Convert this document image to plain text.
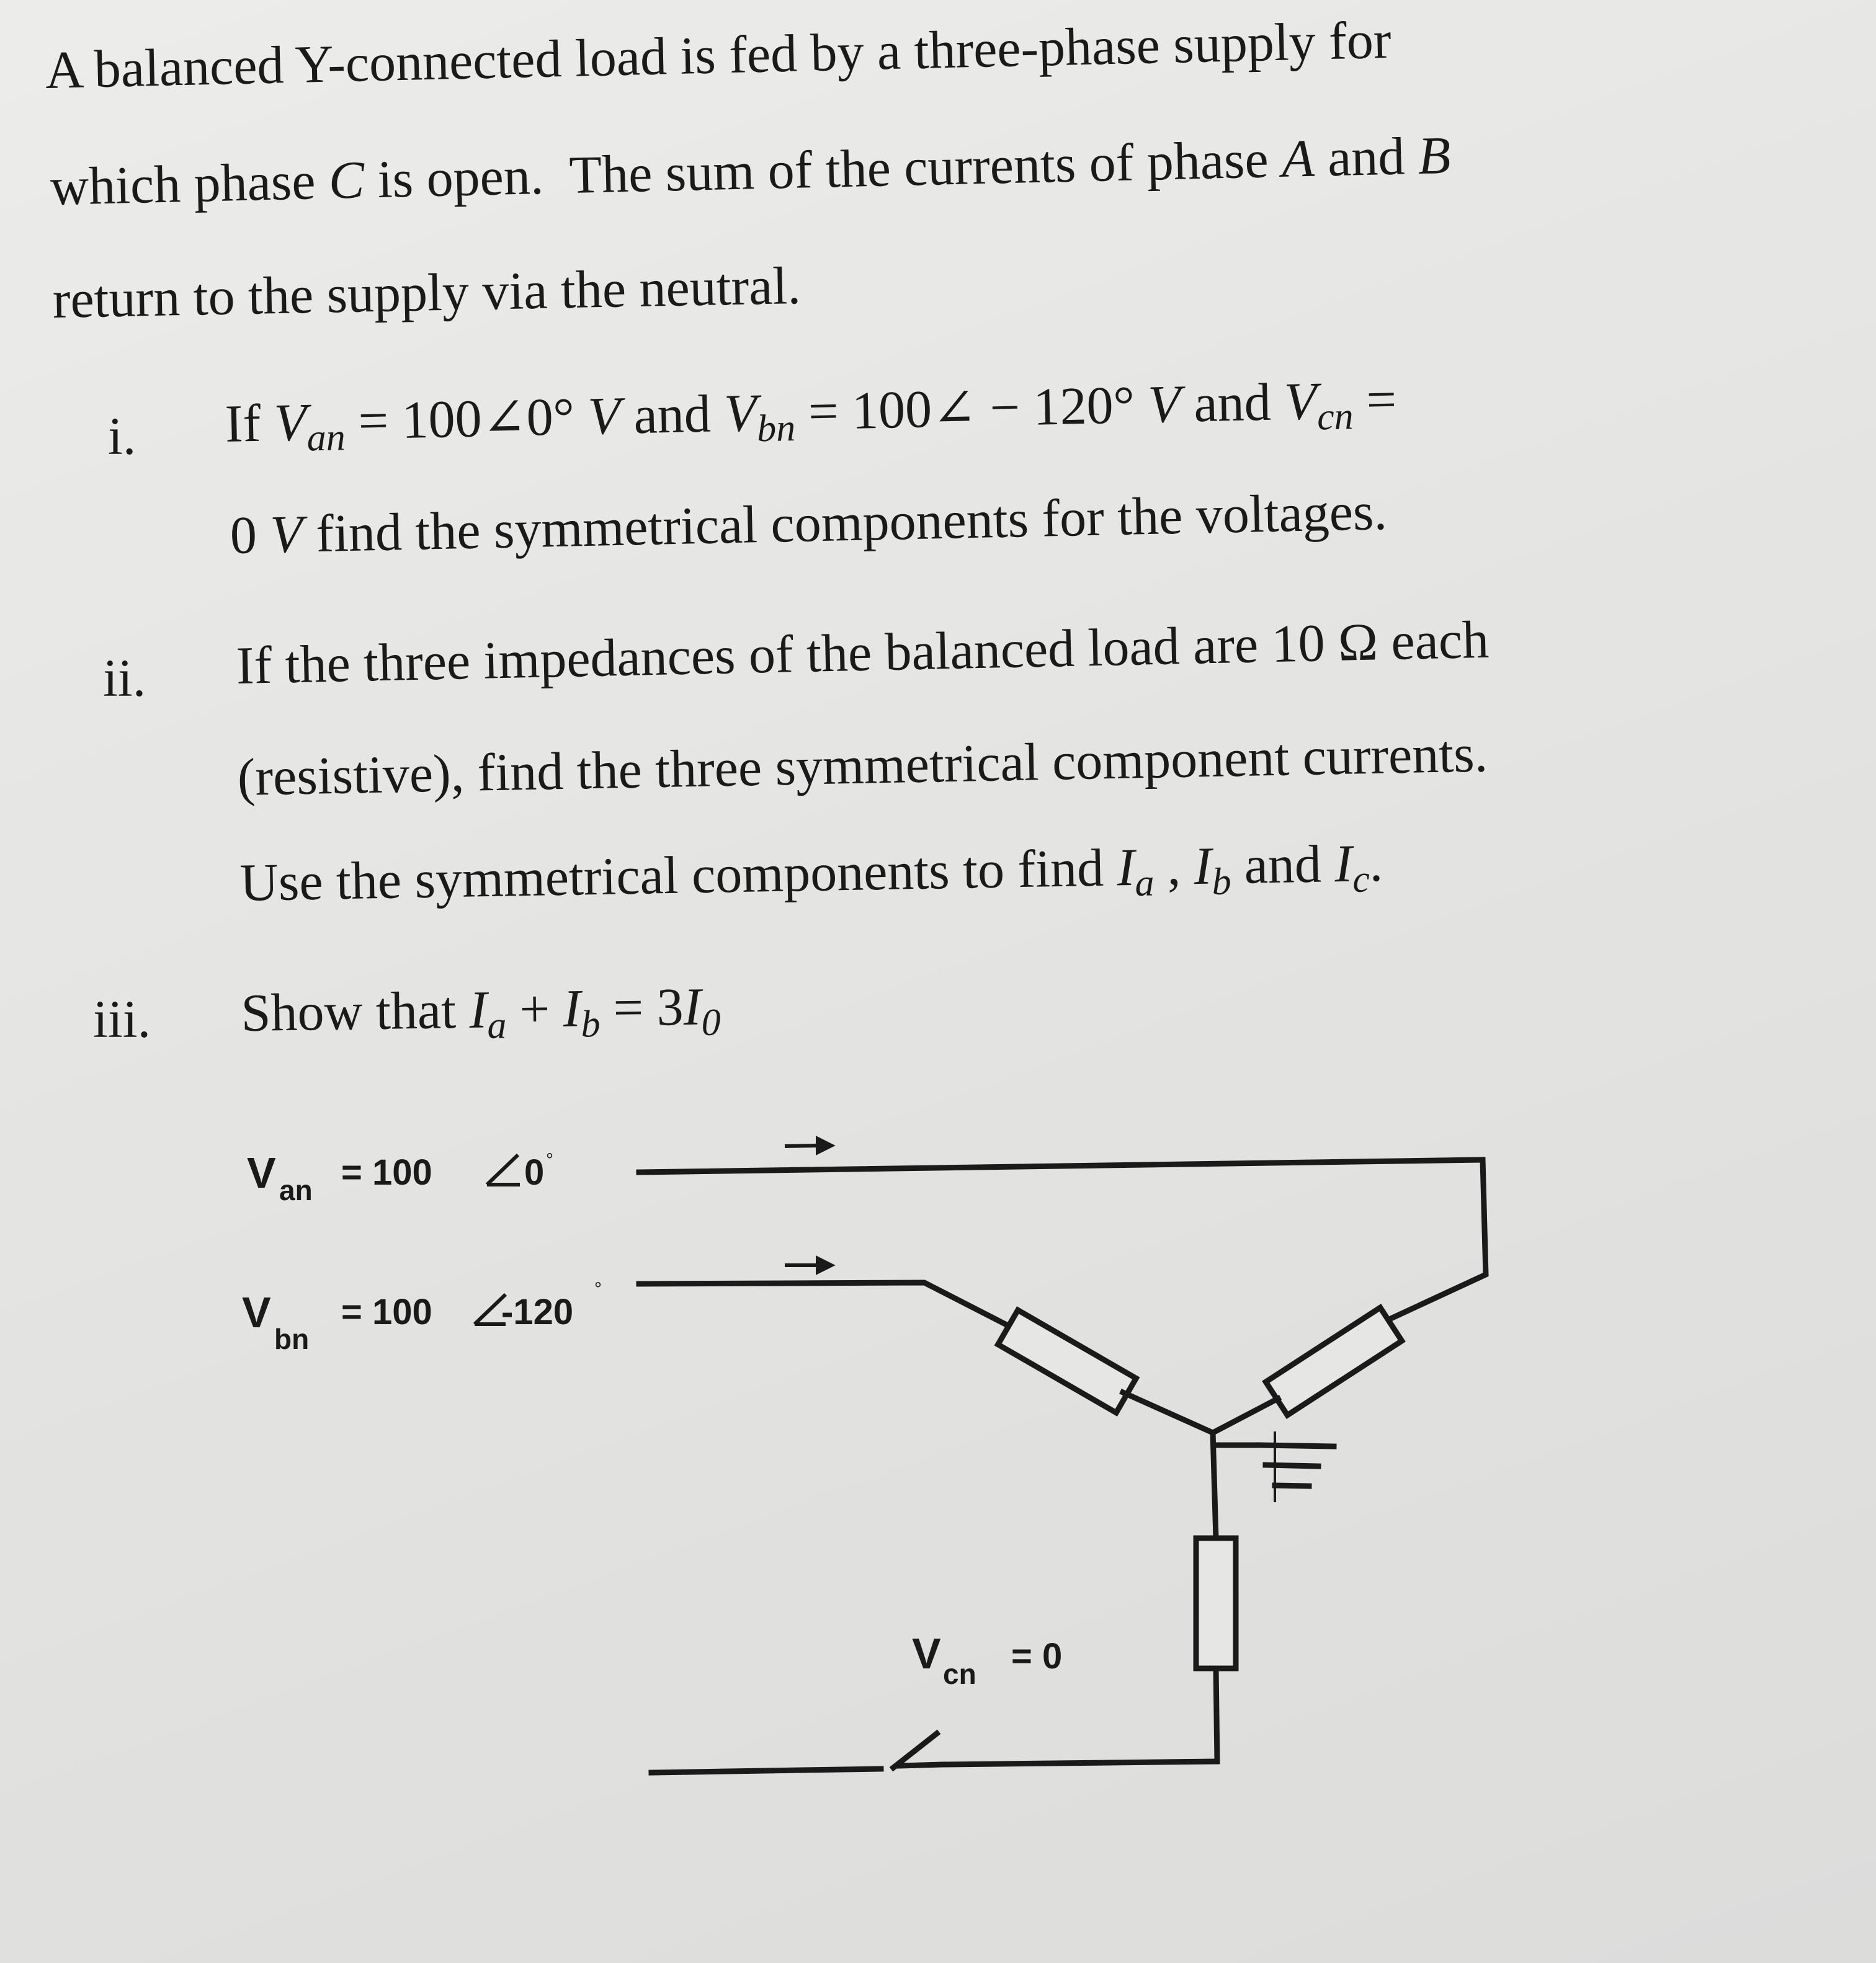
A balanced Y-connected load is fed by a three-phase supply for
which phase C is open.  The sum of the currents of phase A and B
return to the supply via the neutral.
i. If $V_{an}$ = 100∠0° V and $V_{bn}$ = 100∠ − 120° V and $V_{cn}$ =
0 V find the symmetrical components for the voltages.
ii. If the three impedances of the balanced load are 10 Ω each
(resistive), find the three symmetrical component currents.
Use the symmetrical components to find $I_a$ , $I_b$ and $I_c$.
iii. Show that $I_a + I_b = 3I_0$
V an = 100	0 °
V
bn
= 100 -120
°
V cn = 0
